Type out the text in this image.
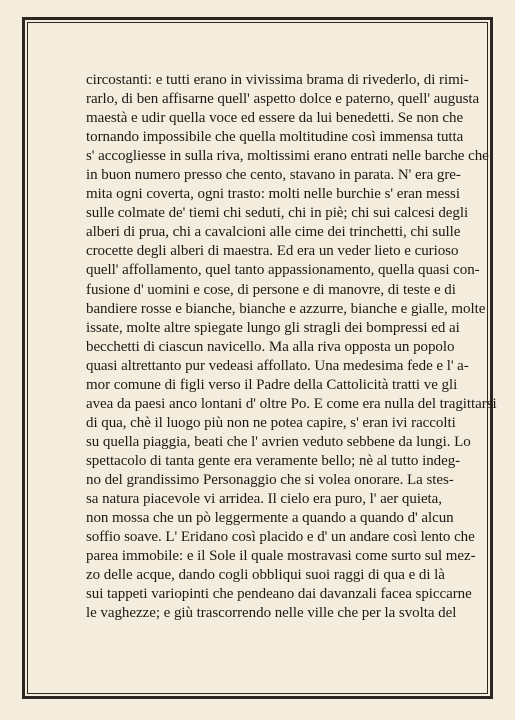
circostanti: e tutti erano in vivissima brama di rivederlo, di rimi-
rarlo, di ben affisarne quell' aspetto dolce e paterno, quell' augusta
maestà e udir quella voce ed essere da lui benedetti. Se non che
tornando impossibile che quella moltitudine così immensa tutta
s' accogliesse in sulla riva, moltissimi erano entrati nelle barche che
in buon numero presso che cento, stavano in parata. N' era gre-
mita ogni coverta, ogni trasto: molti nelle burchie s' eran messi
sulle colmate de' tiemi chi seduti, chi in piè; chi sui calcesi degli
alberi di prua, chi a cavalcioni alle cime dei trinchetti, chi sulle
crocette degli alberi di maestra. Ed era un veder lieto e curioso
quell' affollamento, quel tanto appassionamento, quella quasi con-
fusione d' uomini e cose, di persone e di manovre, di teste e di
bandiere rosse e bianche, bianche e azzurre, bianche e gialle, molte
issate, molte altre spiegate lungo gli stragli dei bompressi ed ai
becchetti di ciascun navicello. Ma alla riva opposta un popolo
quasi altrettanto pur vedeasi affollato. Una medesima fede e l' a-
mor comune di figli verso il Padre della Cattolicità tratti ve gli
avea da paesi anco lontani d' oltre Po. E come era nulla del tragittarsi
di qua, chè il luogo più non ne potea capire, s' eran ivi raccolti
su quella piaggia, beati che l' avrien veduto sebbene da lungi. Lo
spettacolo di tanta gente era veramente bello; nè al tutto indeg-
no del grandissimo Personaggio che si volea onorare. La stes-
sa natura piacevole vi arridea. Il cielo era puro, l' aer quieta,
non mossa che un pò leggermente a quando a quando d' alcun
soffio soave. L' Eridano così placido e d' un andare così lento che
parea immobile: e il Sole il quale mostravasi come surto sul mez-
zo delle acque, dando cogli obbliqui suoi raggi di qua e di là
sui tappeti variopinti che pendeano dai davanzali facea spiccarne
le vaghezze; e giù trascorrendo nelle ville che per la svolta del
